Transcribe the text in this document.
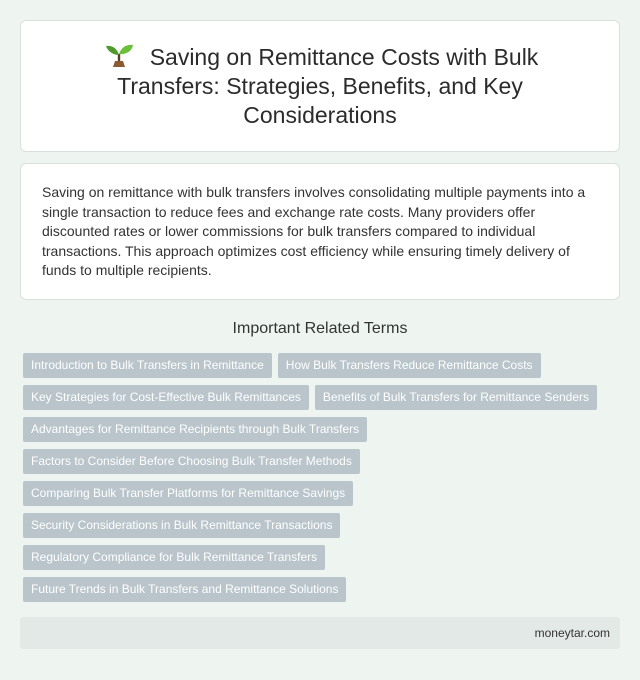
Saving on Remittance Costs with Bulk Transfers: Strategies, Benefits, and Key Considerations

Saving on remittance with bulk transfers involves consolidating multiple payments into a single transaction to reduce fees and exchange rate costs. Many providers offer discounted rates or lower commissions for bulk transfers compared to individual transactions. This approach optimizes cost efficiency while ensuring timely delivery of funds to multiple recipients.

Important Related Terms
Introduction to Bulk Transfers in Remittance	How Bulk Transfers Reduce Remittance Costs
Key Strategies for Cost-Effective Bulk Remittances	Benefits of Bulk Transfers for Remittance Senders
Advantages for Remittance Recipients through Bulk Transfers
Factors to Consider Before Choosing Bulk Transfer Methods
Comparing Bulk Transfer Platforms for Remittance Savings
Security Considerations in Bulk Remittance Transactions
Regulatory Compliance for Bulk Remittance Transfers
Future Trends in Bulk Transfers and Remittance Solutions
moneytar.com
